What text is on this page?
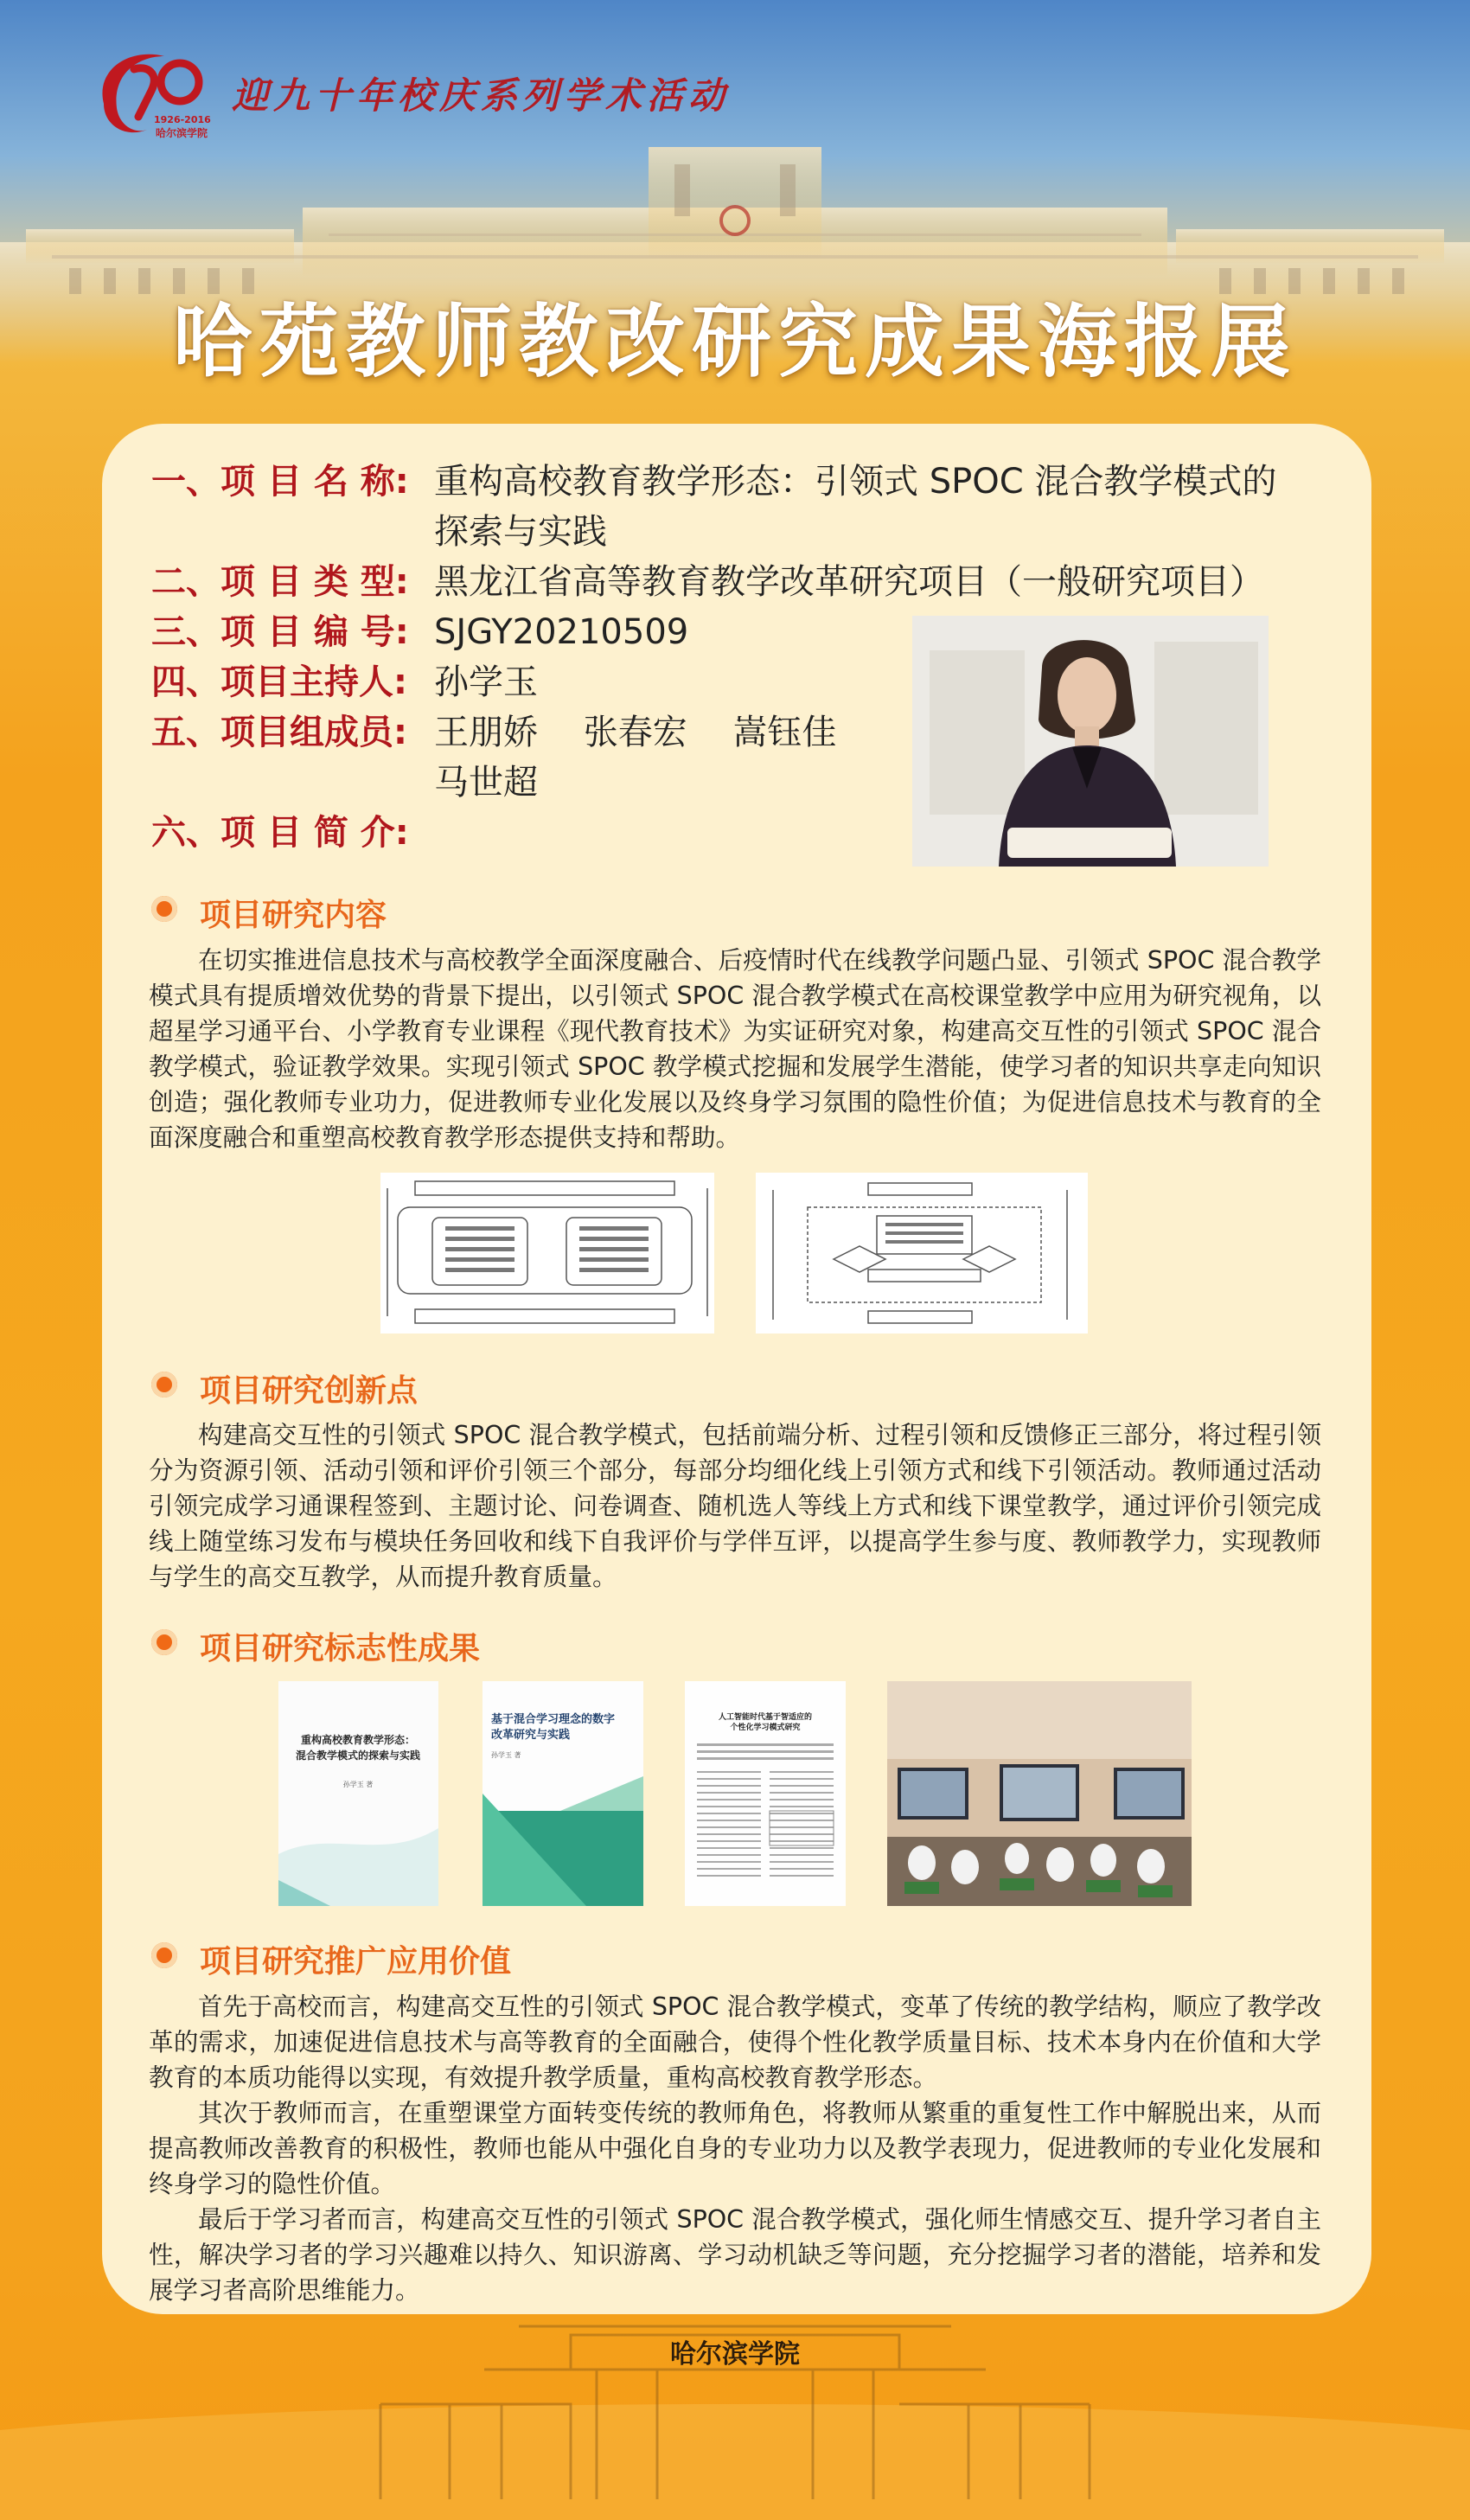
1926-2016
哈尔滨学院
迎九十年校庆系列学术活动
哈苑教师教改研究成果海报展
一、项 目 名 称: 重构高校教育教学形态：引领式 SPOC 混合教学模式的
探索与实践
二、项 目 类 型: 黑龙江省高等教育教学改革研究项目（一般研究项目）
三、项 目 编 号: SJGY20210509
四、项目主持人: 孙学玉
五、项目组成员: 王朋娇　 张春宏　 嵩钰佳
马世超
六、项 目 简 介:
项目研究内容

在切实推进信息技术与高校教学全面深度融合、后疫情时代在线教学问题凸显、引领式 SPOC 混合教学模式具有提质增效优势的背景下提出，以引领式 SPOC 混合教学模式在高校课堂教学中应用为研究视角，以超星学习通平台、小学教育专业课程《现代教育技术》为实证研究对象，构建高交互性的引领式 SPOC 混合教学模式，验证教学效果。实现引领式 SPOC 教学模式挖掘和发展学生潜能，使学习者的知识共享走向知识创造；强化教师专业功力，促进教师专业化发展以及终身学习氛围的隐性价值；为促进信息技术与教育的全面深度融合和重塑高校教育教学形态提供支持和帮助。

项目研究创新点

构建高交互性的引领式 SPOC 混合教学模式，包括前端分析、过程引领和反馈修正三部分，将过程引领分为资源引领、活动引领和评价引领三个部分，每部分均细化线上引领方式和线下引领活动。教师通过活动引领完成学习通课程签到、主题讨论、问卷调查、随机选人等线上方式和线下课堂教学，通过评价引领完成线上随堂练习发布与模块任务回收和线下自我评价与学伴互评，以提高学生参与度、教师教学力，实现教师与学生的高交互教学，从而提升教育质量。

项目研究标志性成果
重构高校教育教学形态：
混合教学模式的探索与实践
孙学玉 著
基于混合学习理念的数字
改革研究与实践
孙学玉 著
人工智能时代基于智适应的
个性化学习模式研究
项目研究推广应用价值

首先于高校而言，构建高交互性的引领式 SPOC 混合教学模式，变革了传统的教学结构，顺应了教学改革的需求，加速促进信息技术与高等教育的全面融合，使得个性化教学质量目标、技术本身内在价值和大学教育的本质功能得以实现，有效提升教学质量，重构高校教育教学形态。

其次于教师而言，在重塑课堂方面转变传统的教师角色，将教师从繁重的重复性工作中解脱出来，从而提高教师改善教育的积极性，教师也能从中强化自身的专业功力以及教学表现力，促进教师的专业化发展和终身学习的隐性价值。

最后于学习者而言，构建高交互性的引领式 SPOC 混合教学模式，强化师生情感交互、提升学习者自主性，解决学习者的学习兴趣难以持久、知识游离、学习动机缺乏等问题，充分挖掘学习者的潜能，培养和发展学习者高阶思维能力。

哈尔滨学院
